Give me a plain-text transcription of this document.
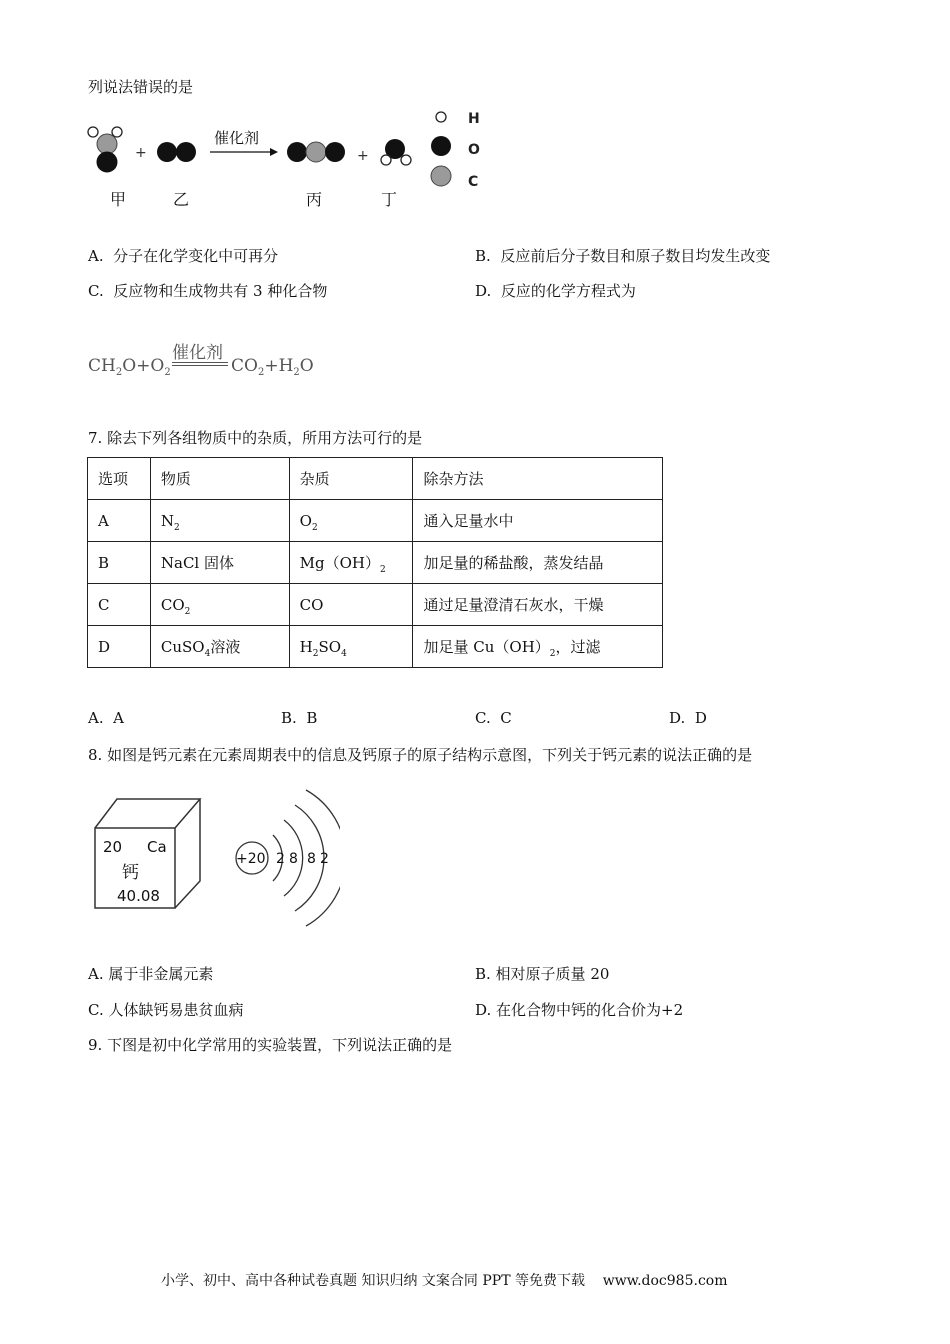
列说法错误的是
+
催化剂
+
H
O
C
甲	乙	丙	丁
A. 分子在化学变化中可再分	B. 反应前后分子数目和原子数目均发生改变
C. 反应物和生成物共有 3 种化合物	D. 反应的化学方程式为
催化剂
$CH_2O+O_2$	$CO_2+H_2O$
7. 除去下列各组物质中的杂质，所用方法可行的是
选项	物质	杂质	除杂方法
A	$N_2$	$O_2$	通入足量水中
B	NaCl 固体	$Mg(OH)_2$	加足量的稀盐酸，蒸发结晶
C	$CO_2$	CO	通过足量澄清石灰水，干燥
D	CuSO$_4$溶液	$H_2SO_4$	加足量 $Cu(OH)_2$，过滤
A. A	B. B	C. C	D. D
8. 如图是钙元素在元素周期表中的信息及钙原子的原子结构示意图，下列关于钙元素的说法正确的是
20 Ca
钙
40.08
+20 2 8 8 2
A. 属于非金属元素	B. 相对原子质量 20
C. 人体缺钙易患贫血病	D. 在化合物中钙的化合价为+2
9. 下图是初中化学常用的实验装置，下列说法正确的是
小学、初中、高中各种试卷真题 知识归纳 文案合同 PPT 等免费下载 www.doc985.com
